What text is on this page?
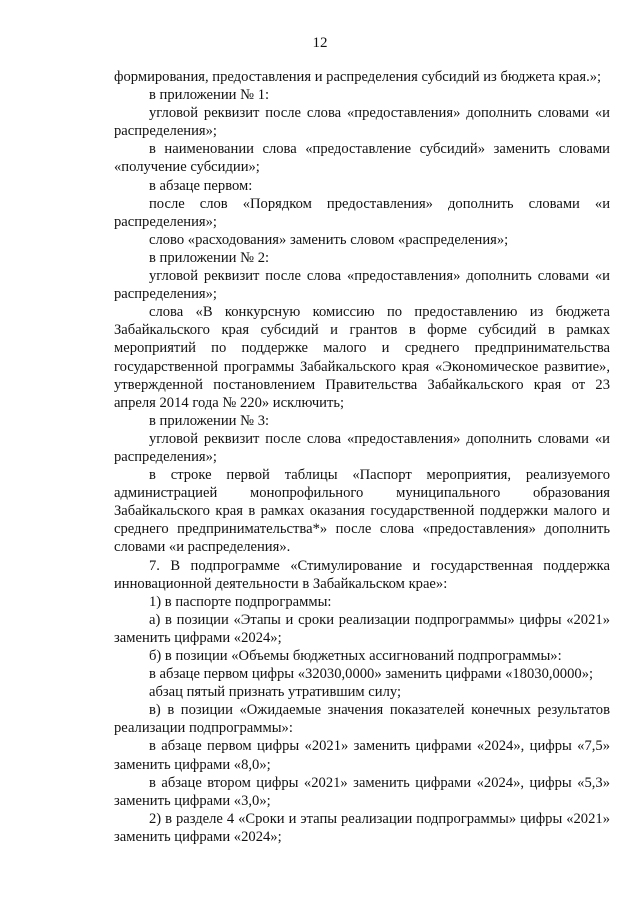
12

формирования, предоставления и распределения субсидий из бюджета края.»;

в приложении № 1:

угловой реквизит после слова «предоставления» дополнить словами «и распределения»;

в наименовании слова «предоставление субсидий» заменить словами «получение субсидии»;

в абзаце первом:

после слов «Порядком предоставления» дополнить словами «и распределения»;

слово «расходования» заменить словом «распределения»;

в приложении № 2:

угловой реквизит после слова «предоставления» дополнить словами «и распределения»;

слова «В конкурсную комиссию по предоставлению из бюджета Забайкальского края субсидий и грантов в форме субсидий в рамках мероприятий по поддержке малого и среднего предпринимательства государственной программы Забайкальского края «Экономическое развитие», утвержденной постановлением Правительства Забайкальского края от 23 апреля 2014 года № 220» исключить;

в приложении № 3:

угловой реквизит после слова «предоставления» дополнить словами «и распределения»;

в строке первой таблицы «Паспорт мероприятия, реализуемого администрацией монопрофильного муниципального образования Забайкальского края в рамках оказания государственной поддержки малого и среднего предпринимательства*» после слова «предоставления» дополнить словами «и распределения».

7. В подпрограмме «Стимулирование и государственная поддержка инновационной деятельности в Забайкальском крае»:

1) в паспорте подпрограммы:

а) в позиции «Этапы и сроки реализации подпрограммы» цифры «2021» заменить цифрами «2024»;

б) в позиции «Объемы бюджетных ассигнований подпрограммы»:

в абзаце первом цифры «32030,0000» заменить цифрами «18030,0000»;

абзац пятый признать утратившим силу;

в) в позиции «Ожидаемые значения показателей конечных результатов реализации подпрограммы»:

в абзаце первом цифры «2021» заменить цифрами «2024», цифры «7,5» заменить цифрами «8,0»;

в абзаце втором цифры «2021» заменить цифрами «2024», цифры «5,3» заменить цифрами «3,0»;

2) в разделе 4 «Сроки и этапы реализации подпрограммы» цифры «2021» заменить цифрами «2024»;
